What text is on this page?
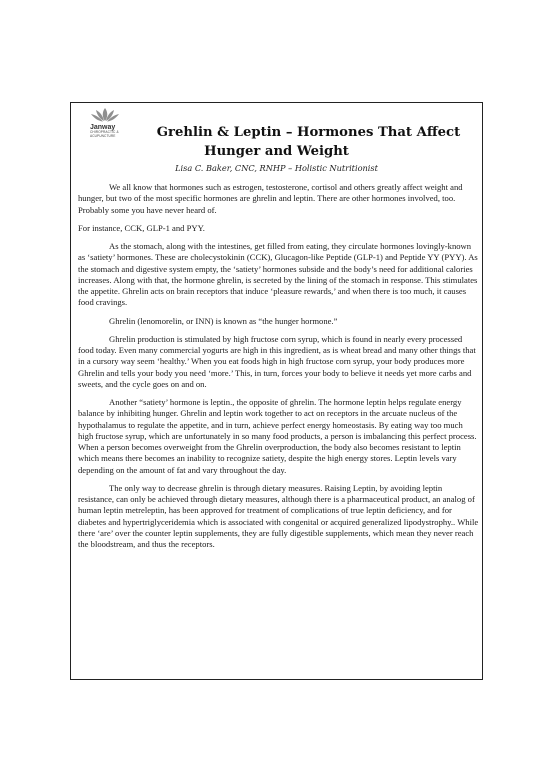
Janway
CHIROPRACTIC &
ACUPUNCTURE	Grehlin & Leptin – Hormones That Affect
Hunger and Weight
Lisa C. Baker, CNC, RNHP – Holistic Nutritionist

We all know that hormones such as estrogen, testosterone, cortisol and others greatly affect weight and hunger, but two of the most specific hormones are ghrelin and leptin. There are other hormones involved, too. Probably some you have never heard of.

For instance, CCK, GLP-1 and PYY.

As the stomach, along with the intestines, get filled from eating, they circulate hormones lovingly-known as ‘satiety’ hormones. These are cholecystokinin (CCK), Glucagon-like Peptide (GLP-1) and Peptide YY (PYY). As the stomach and digestive system empty, the ‘satiety’ hormones subside and the body’s need for additional calories increases. Along with that, the hormone ghrelin, is secreted by the lining of the stomach in response. This stimulates the appetite. Ghrelin acts on brain receptors that induce ‘pleasure rewards,’ and when there is too much, it causes food cravings.

Ghrelin (lenomorelin, or INN) is known as “the hunger hormone.”

Ghrelin production is stimulated by high fructose corn syrup, which is found in nearly every processed food today. Even many commercial yogurts are high in this ingredient, as is wheat bread and many other things that in a cursory way seem ‘healthy.’ When you eat foods high in high fructose corn syrup, your body produces more Ghrelin and tells your body you need ‘more.’ This, in turn, forces your body to believe it needs yet more carbs and sweets, and the cycle goes on and on.

Another “satiety’ hormone is leptin., the opposite of ghrelin. The hormone leptin helps regulate energy balance by inhibiting hunger. Ghrelin and leptin work together to act on receptors in the arcuate nucleus of the hypothalamus to regulate the appetite, and in turn, achieve perfect energy homeostasis. By eating way too much high fructose syrup, which are unfortunately in so many food products, a person is imbalancing this perfect process. When a person becomes overweight from the Ghrelin overproduction, the body also becomes resistant to leptin which means there becomes an inability to recognize satiety, despite the high energy stores. Leptin levels vary depending on the amount of fat and vary throughout the day.

The only way to decrease ghrelin is through dietary measures. Raising Leptin, by avoiding leptin resistance, can only be achieved through dietary measures, although there is a pharmaceutical product, an analog of human leptin metreleptin, has been approved for treatment of complications of true leptin deficiency, and for diabetes and hypertriglyceridemia which is associated with congenital or acquired generalized lipodystrophy.. While there ‘are’ over the counter leptin supplements, they are fully digestible supplements, which mean they never reach the bloodstream, and thus the receptors.
